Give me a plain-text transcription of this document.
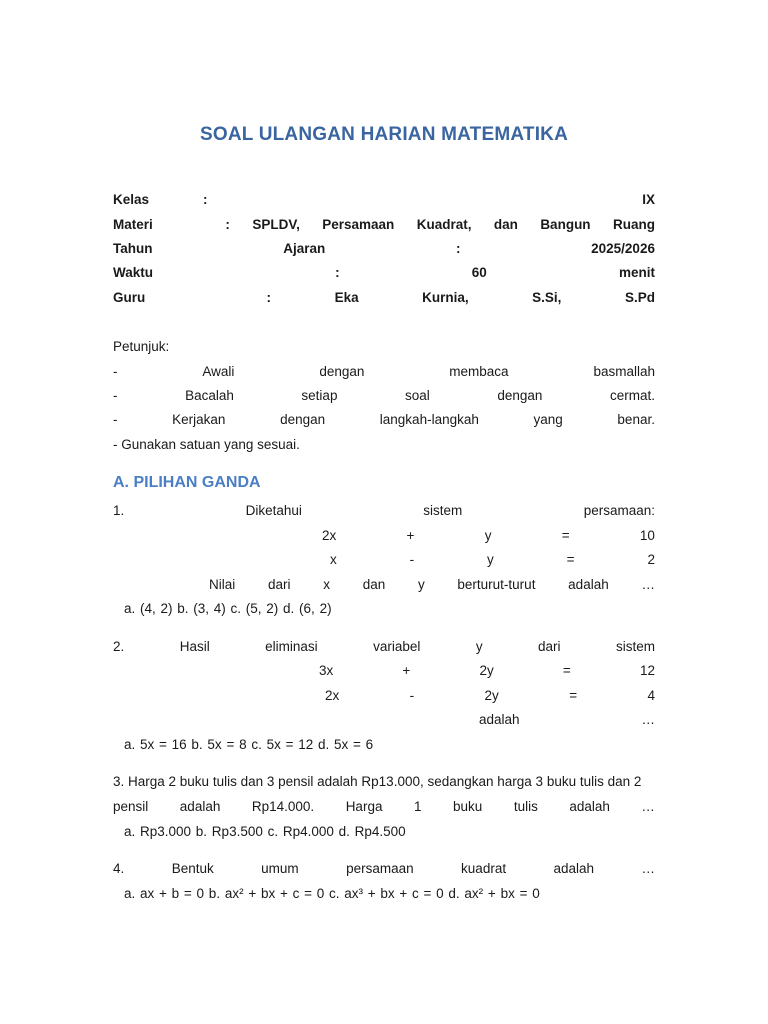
SOAL ULANGAN HARIAN MATEMATIKA
Kelas	:	IX
Materi	: SPLDV, Persamaan Kuadrat, dan Bangun Ruang
Tahun	Ajaran	:	2025/2026
Waktu	:	60	menit
Guru	:	Eka	Kurnia,	S.Si,	S.Pd
Petunjuk:
-	Awali	dengan	membaca	basmallah
-	Bacalah	setiap	soal	dengan	cermat.
-	Kerjakan	dengan	langkah-langkah	yang	benar.
- Gunakan satuan yang sesuai.
A. PILIHAN GANDA
1.	Diketahui	sistem	persamaan:
2x	+	y	=	10
x	-	y	=	2
Nilai dari x dan y berturut-turut adalah …
a. (4, 2) b. (3, 4) c. (5, 2) d. (6, 2)
2.	Hasil	eliminasi	variabel	y	dari	sistem
3x	+	2y	=	12
2x	-	2y	=	4
adalah	…
a. 5x = 16 b. 5x = 8 c. 5x = 12 d. 5x = 6
3. Harga 2 buku tulis dan 3 pensil adalah Rp13.000, sedangkan harga 3 buku tulis dan 2
pensil adalah Rp14.000. Harga 1 buku tulis adalah …
a. Rp3.000 b. Rp3.500 c. Rp4.000 d. Rp4.500
4.	Bentuk	umum	persamaan	kuadrat	adalah	…
a. ax + b = 0 b. ax² + bx + c = 0 c. ax³ + bx + c = 0 d. ax² + bx = 0
